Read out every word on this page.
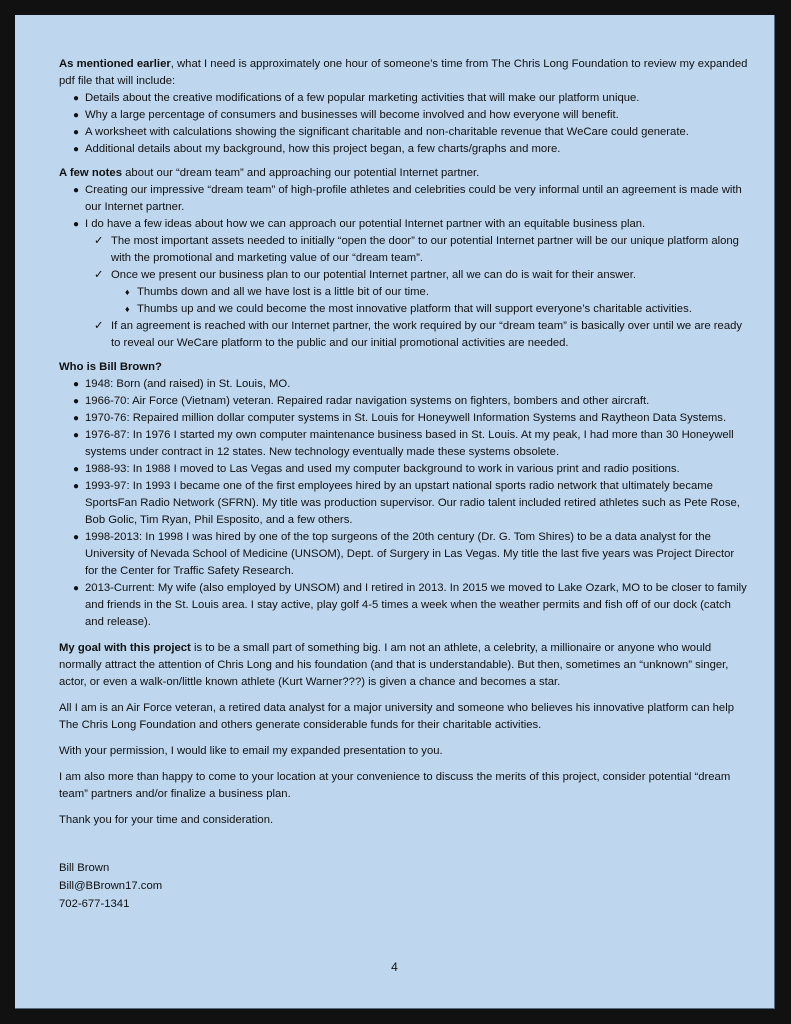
As mentioned earlier, what I need is approximately one hour of someone’s time from The Chris Long Foundation to review my expanded pdf file that will include:

● Details about the creative modifications of a few popular marketing activities that will make our platform unique.
● Why a large percentage of consumers and businesses will become involved and how everyone will benefit.
● A worksheet with calculations showing the significant charitable and non-charitable revenue that WeCare could generate.
● Additional details about my background, how this project began, a few charts/graphs and more.

A few notes about our “dream team” and approaching our potential Internet partner.

● Creating our impressive “dream team” of high-profile athletes and celebrities could be very informal until an agreement is made with our Internet partner.
● I do have a few ideas about how we can approach our potential Internet partner with an equitable business plan.
✓ The most important assets needed to initially “open the door” to our potential Internet partner will be our unique platform along with the promotional and marketing value of our “dream team”.
✓ Once we present our business plan to our potential Internet partner, all we can do is wait for their answer.
♦ Thumbs down and all we have lost is a little bit of our time.
♦ Thumbs up and we could become the most innovative platform that will support everyone’s charitable activities.
✓ If an agreement is reached with our Internet partner, the work required by our “dream team” is basically over until we are ready to reveal our WeCare platform to the public and our initial promotional activities are needed.

Who is Bill Brown?

● 1948: Born (and raised) in St. Louis, MO.
● 1966-70: Air Force (Vietnam) veteran. Repaired radar navigation systems on fighters, bombers and other aircraft.
● 1970-76: Repaired million dollar computer systems in St. Louis for Honeywell Information Systems and Raytheon Data Systems.
● 1976-87: In 1976 I started my own computer maintenance business based in St. Louis. At my peak, I had more than 30 Honeywell systems under contract in 12 states. New technology eventually made these systems obsolete.
● 1988-93: In 1988 I moved to Las Vegas and used my computer background to work in various print and radio positions.
● 1993-97: In 1993 I became one of the first employees hired by an upstart national sports radio network that ultimately became SportsFan Radio Network (SFRN). My title was production supervisor. Our radio talent included retired athletes such as Pete Rose, Bob Golic, Tim Ryan, Phil Esposito, and a few others.
● 1998-2013: In 1998 I was hired by one of the top surgeons of the 20th century (Dr. G. Tom Shires) to be a data analyst for the University of Nevada School of Medicine (UNSOM), Dept. of Surgery in Las Vegas. My title the last five years was Project Director for the Center for Traffic Safety Research.
● 2013-Current: My wife (also employed by UNSOM) and I retired in 2013. In 2015 we moved to Lake Ozark, MO to be closer to family and friends in the St. Louis area. I stay active, play golf 4-5 times a week when the weather permits and fish off of our dock (catch and release).

My goal with this project is to be a small part of something big. I am not an athlete, a celebrity, a millionaire or anyone who would normally attract the attention of Chris Long and his foundation (and that is understandable). But then, sometimes an “unknown” singer, actor, or even a walk-on/little known athlete (Kurt Warner???) is given a chance and becomes a star.

All I am is an Air Force veteran, a retired data analyst for a major university and someone who believes his innovative platform can help The Chris Long Foundation and others generate considerable funds for their charitable activities.

With your permission, I would like to email my expanded presentation to you.

I am also more than happy to come to your location at your convenience to discuss the merits of this project, consider potential “dream team” partners and/or finalize a business plan.

Thank you for your time and consideration.

Bill Brown
Bill@BBrown17.com
702-677-1341
4
